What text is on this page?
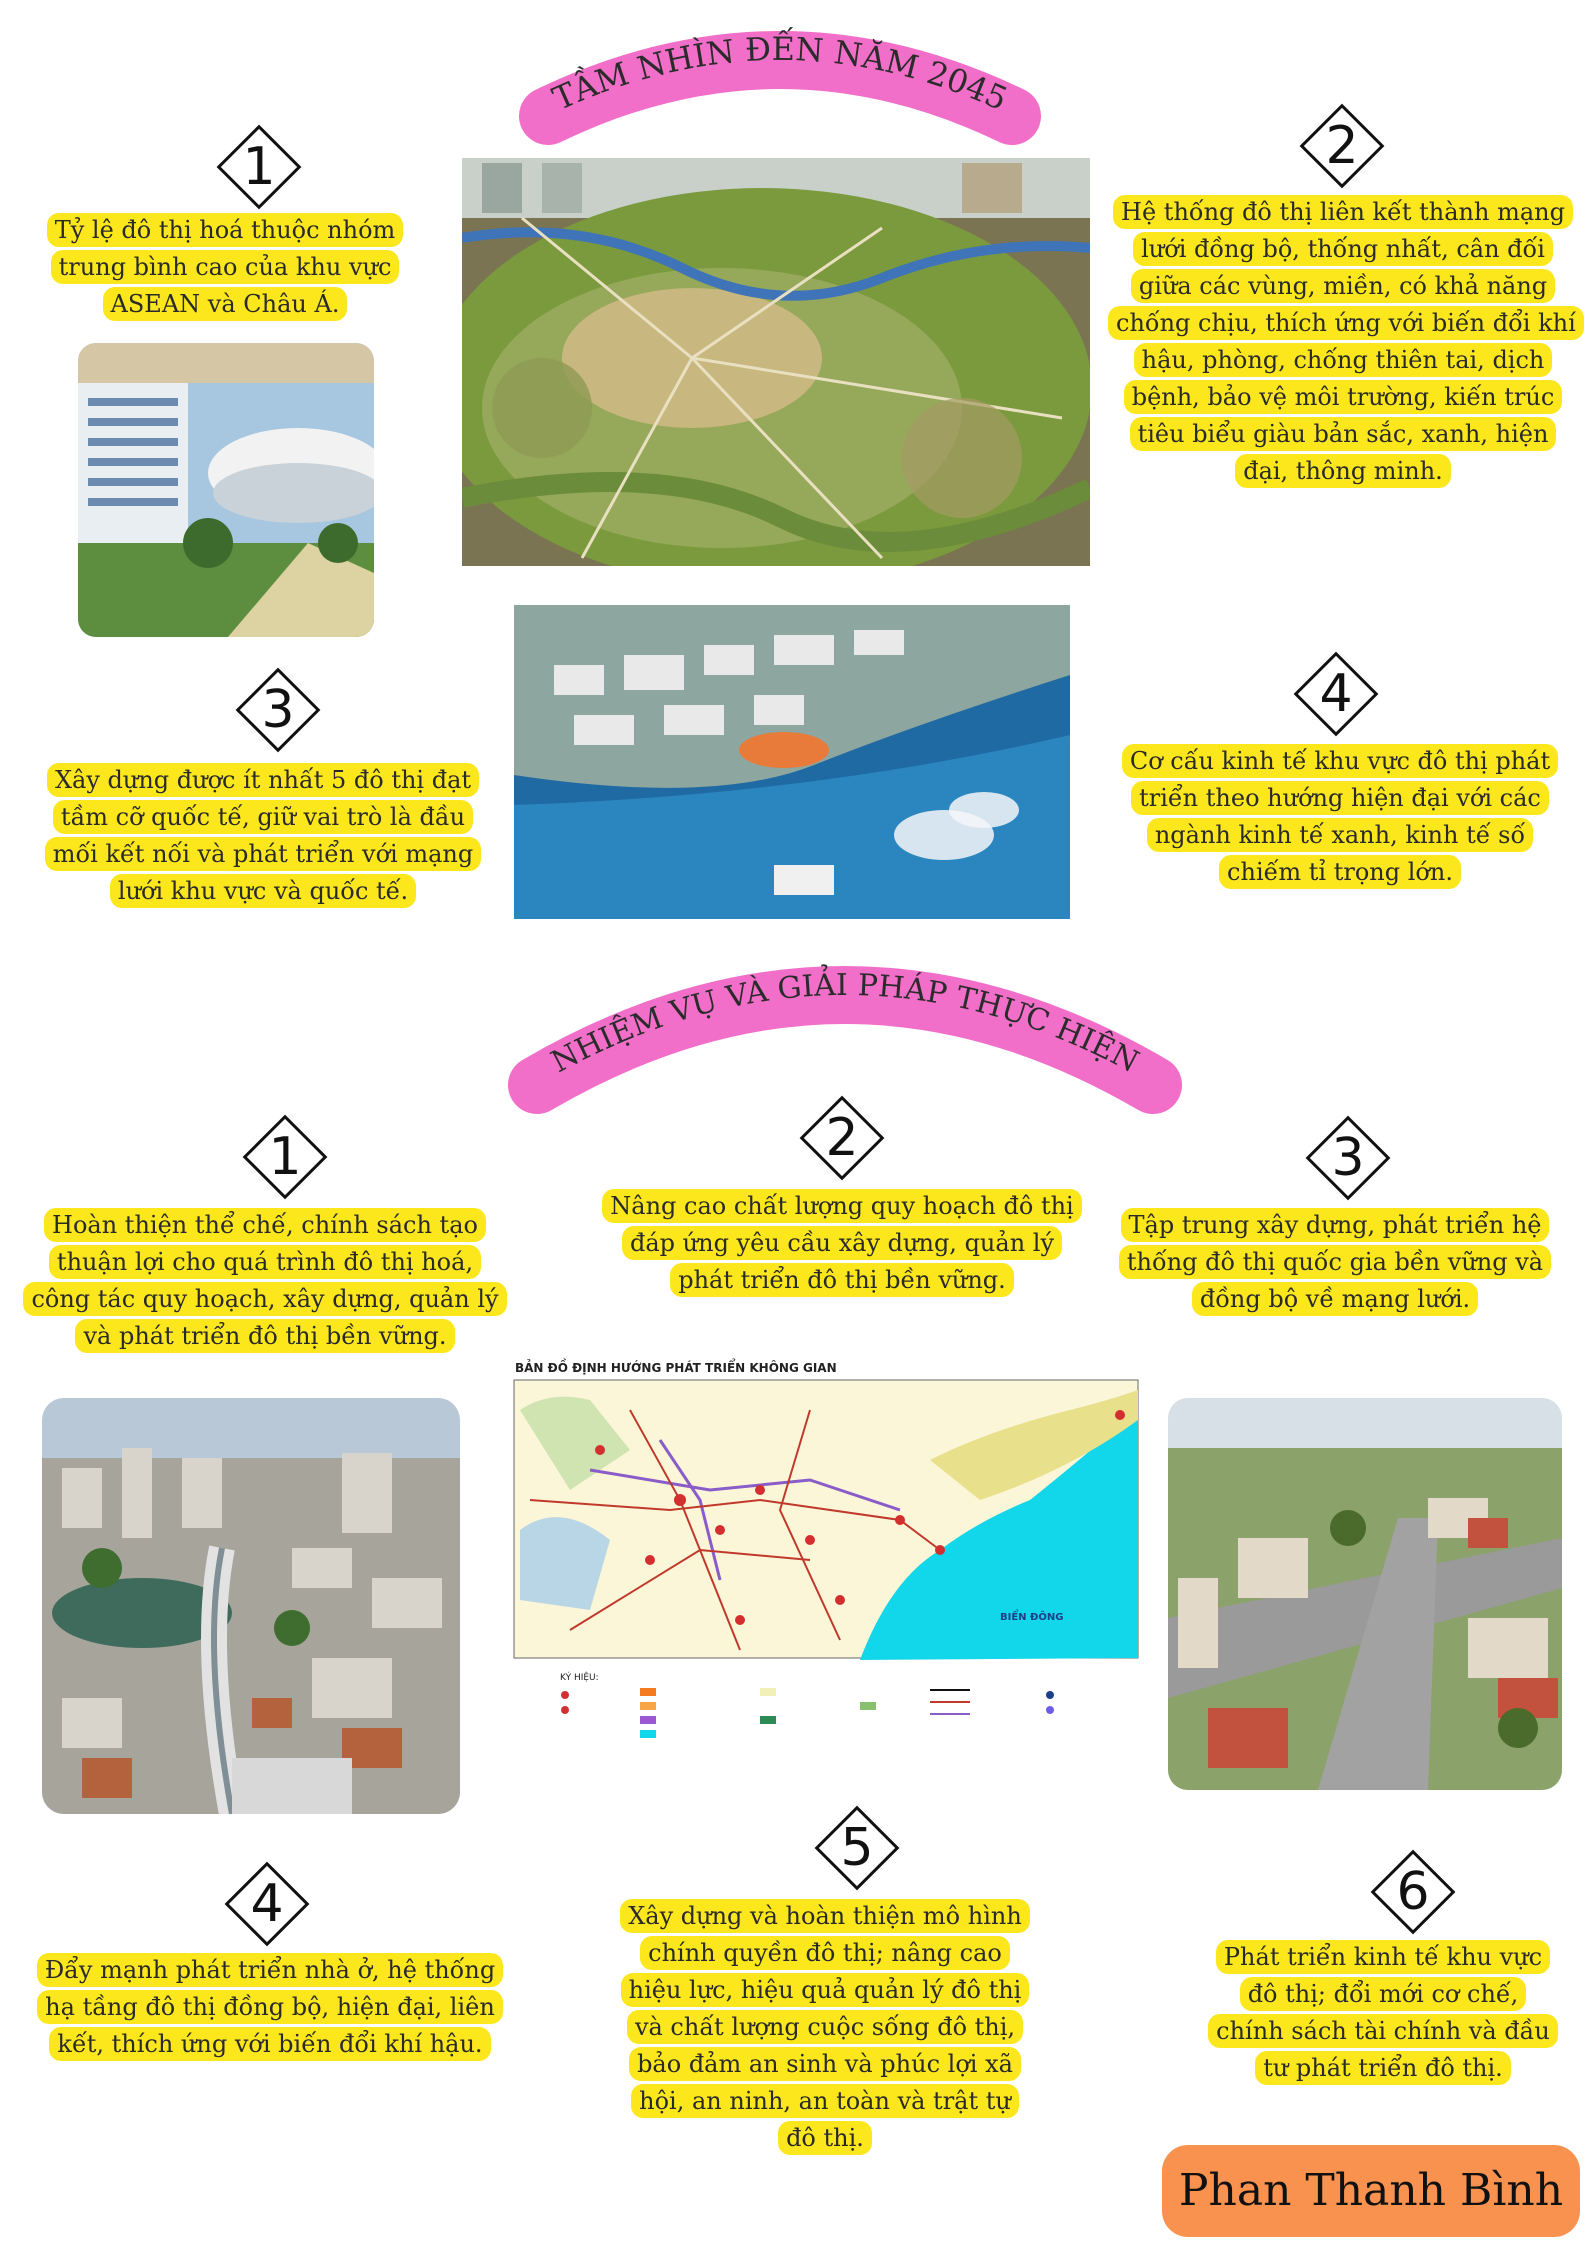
TẦM NHÌN ĐẾN NĂM 2045
1
Tỷ lệ đô thị hoá thuộc nhóm trung bình cao của khu vực ASEAN và Châu Á.
2
Hệ thống đô thị liên kết thành mạng lưới đồng bộ, thống nhất, cân đối giữa các vùng, miền, có khả năng chống chịu, thích ứng với biến đổi khí hậu, phòng, chống thiên tai, dịch bệnh, bảo vệ môi trường, kiến trúc tiêu biểu giàu bản sắc, xanh, hiện đại, thông minh.
3
Xây dựng được ít nhất 5 đô thị đạt tầm cỡ quốc tế, giữ vai trò là đầu mối kết nối và phát triển với mạng lưới khu vực và quốc tế.
4
Cơ cấu kinh tế khu vực đô thị phát triển theo hướng hiện đại với các ngành kinh tế xanh, kinh tế số chiếm tỉ trọng lớn.
NHIỆM VỤ VÀ GIẢI PHÁP THỰC HIỆN
1
Hoàn thiện thể chế, chính sách tạo thuận lợi cho quá trình đô thị hoá, công tác quy hoạch, xây dựng, quản lý và phát triển đô thị bền vững.
2
Nâng cao chất lượng quy hoạch đô thị đáp ứng yêu cầu xây dựng, quản lý phát triển đô thị bền vững.
3
Tập trung xây dựng, phát triển hệ thống đô thị quốc gia bền vững và đồng bộ về mạng lưới.
4
Đẩy mạnh phát triển nhà ở, hệ thống hạ tầng đô thị đồng bộ, hiện đại, liên kết, thích ứng với biến đổi khí hậu.
5
Xây dựng và hoàn thiện mô hình chính quyền đô thị; nâng cao hiệu lực, hiệu quả quản lý đô thị và chất lượng cuộc sống đô thị, bảo đảm an sinh và phúc lợi xã hội, an ninh, an toàn và trật tự đô thị.
6
Phát triển kinh tế khu vực đô thị; đổi mới cơ chế, chính sách tài chính và đầu tư phát triển đô thị.
BẢN ĐỒ ĐỊNH HƯỚNG PHÁT TRIỂN KHÔNG GIAN
BIỂN ĐÔNG
KÝ HIỆU:
Phan Thanh Bình
